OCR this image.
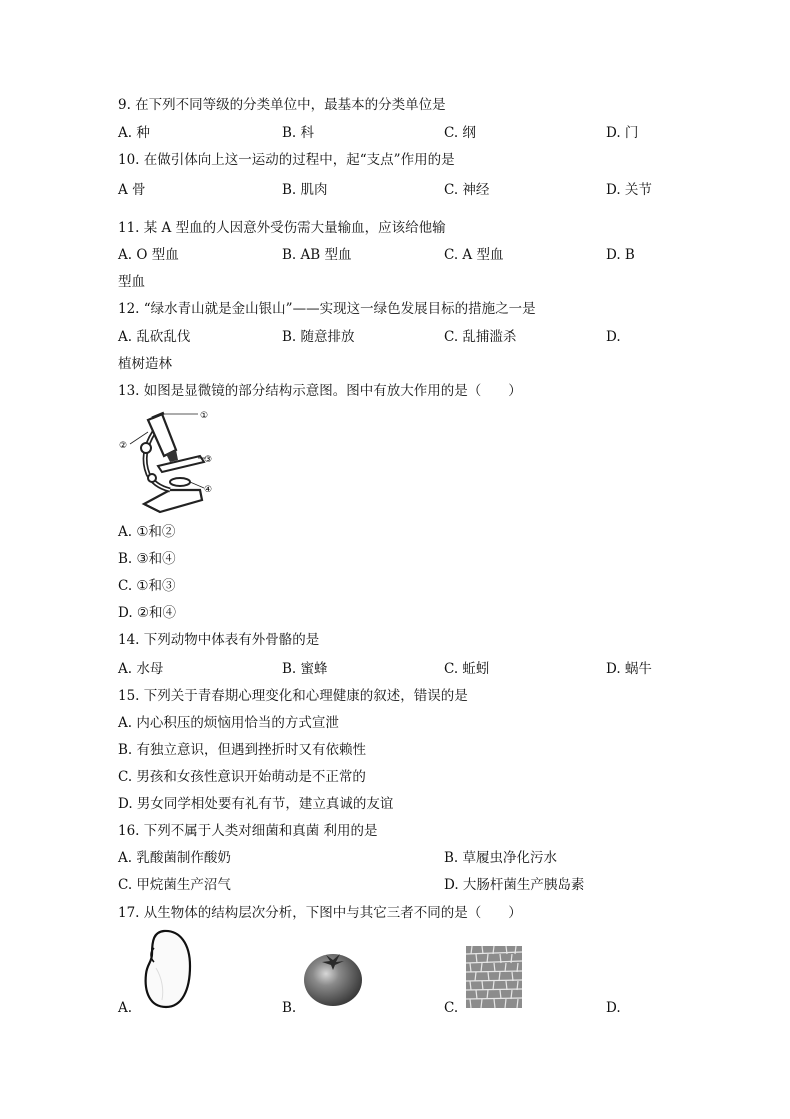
9. 在下列不同等级的分类单位中，最基本的分类单位是
A. 种	B. 科	C. 纲	D. 门
10. 在做引体向上这一运动的过程中，起“支点”作用的是
A 骨	B. 肌肉	C. 神经	D. 关节
11. 某 A 型血的人因意外受伤需大量输血，应该给他输
A. O 型血	B. AB 型血	C. A 型血	D. B
型血
12. “绿水青山就是金山银山”——实现这一绿色发展目标的措施之一是
A. 乱砍乱伐	B. 随意排放	C. 乱捕滥杀	D.
植树造林
13. 如图是显微镜的部分结构示意图。图中有放大作用的是（　　）
①
②
③
④
A. ①和②
B. ③和④
C. ①和③
D. ②和④
14. 下列动物中体表有外骨骼的是
A. 水母	B. 蜜蜂	C. 蚯蚓	D. 蜗牛
15. 下列关于青春期心理变化和心理健康的叙述，错误的是
A. 内心积压的烦恼用恰当的方式宣泄
B. 有独立意识，但遇到挫折时又有依赖性
C. 男孩和女孩性意识开始萌动是不正常的
D. 男女同学相处要有礼有节，建立真诚的友谊
16. 下列不属于人类对细菌和真菌 利用的是
A. 乳酸菌制作酸奶	B. 草履虫净化污水
C. 甲烷菌生产沼气	D. 大肠杆菌生产胰岛素
17. 从生物体的结构层次分析，下图中与其它三者不同的是（　　）
A.	B.	C.	D.
